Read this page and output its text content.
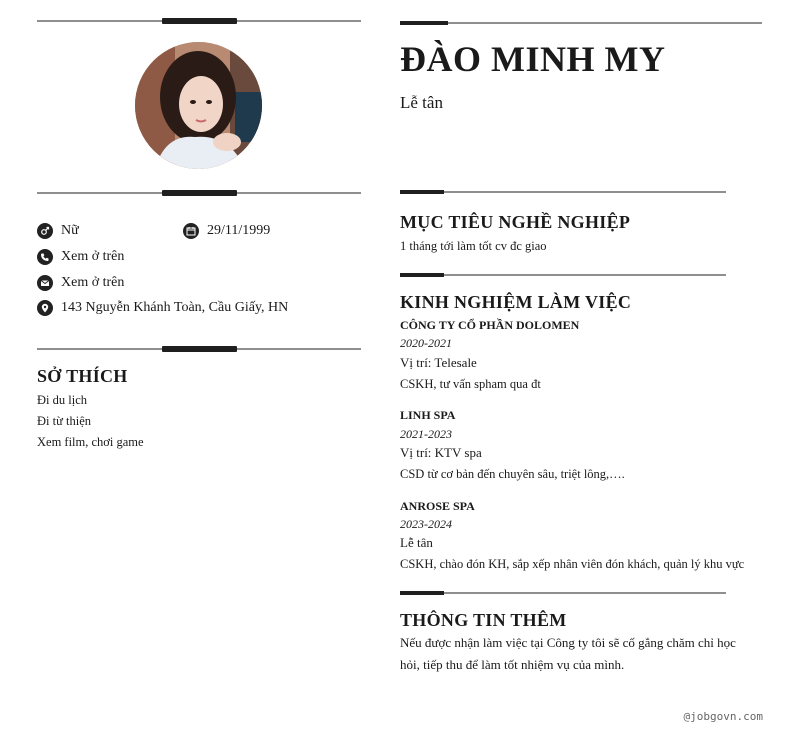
Nữ	29/11/1999
Xem ở trên
Xem ở trên
143 Nguyễn Khánh Toàn, Cầu Giấy, HN
SỞ THÍCH
Đi du lịch
Đi từ thiện
Xem film, chơi game
ĐÀO MINH MY
Lễ tân
MỤC TIÊU NGHỀ NGHIỆP
1 tháng tới làm tốt cv đc giao
KINH NGHIỆM LÀM VIỆC
CÔNG TY CỔ PHẦN DOLOMEN
2020-2021
Vị trí: Telesale
CSKH, tư vấn spham qua đt
LINH SPA
2021-2023
Vị trí: KTV spa
CSD từ cơ bản đến chuyên sâu, triệt lông,….
ANROSE SPA
2023-2024
Lễ tân
CSKH, chào đón KH, sắp xếp nhân viên đón khách, quản lý khu vực
THÔNG TIN THÊM
Nếu được nhận làm việc tại Công ty tôi sẽ cố gắng chăm chỉ học hỏi, tiếp thu để làm tốt nhiệm vụ của mình.
@jobgovn.com
